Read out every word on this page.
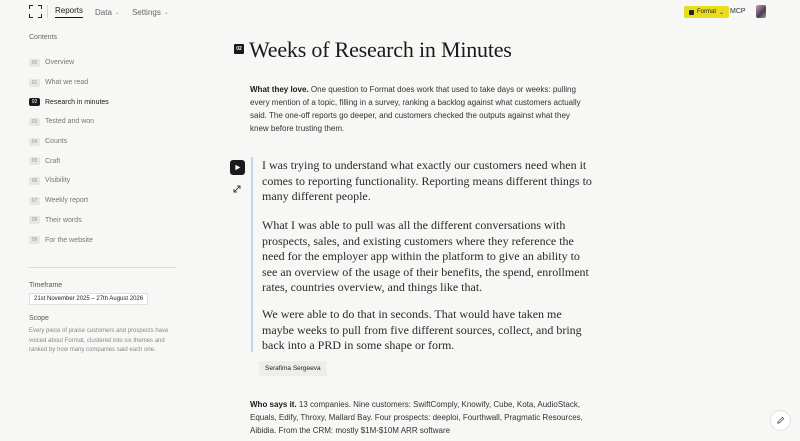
Reports Data ⌄ Settings ⌄	Format ⌄ MCP
Contents
00	Overview
01	What we read
02	Research in minutes
03	Tested and won
04	Counts
05	Craft
06	Visibility
07	Weekly report
08	Their words
09	For the website
Timeframe
21st November 2025 – 27th August 2026
Scope
Every piece of praise customers and prospects have voiced about Format, clustered into six themes and ranked by how many companies said each one.
02 Weeks of Research in Minutes
What they love. One question to Format does work that used to take days or weeks: pulling every mention of a topic, filling in a survey, ranking a backlog against what customers actually said. The one-off reports go deeper, and customers checked the outputs against what they knew before trusting them.
I was trying to understand what exactly our customers need when it comes to reporting functionality. Reporting means different things to many different people.
What I was able to pull was all the different conversations with prospects, sales, and existing customers where they reference the need for the employer app within the platform to give an ability to see an overview of the usage of their benefits, the spend, enrollment rates, countries overview, and things like that.
We were able to do that in seconds. That would have taken me maybe weeks to pull from five different sources, collect, and bring back into a PRD in some shape or form.
Serafima Sergeeva
Who says it. 13 companies. Nine customers: SwiftComply, Knowify, Cube, Kota, AudioStack, Equals, Edify, Throxy, Mallard Bay. Four prospects: deeploi, Fourthwall, Pragmatic Resources, Aibidia. From the CRM: mostly $1M-$10M ARR software
